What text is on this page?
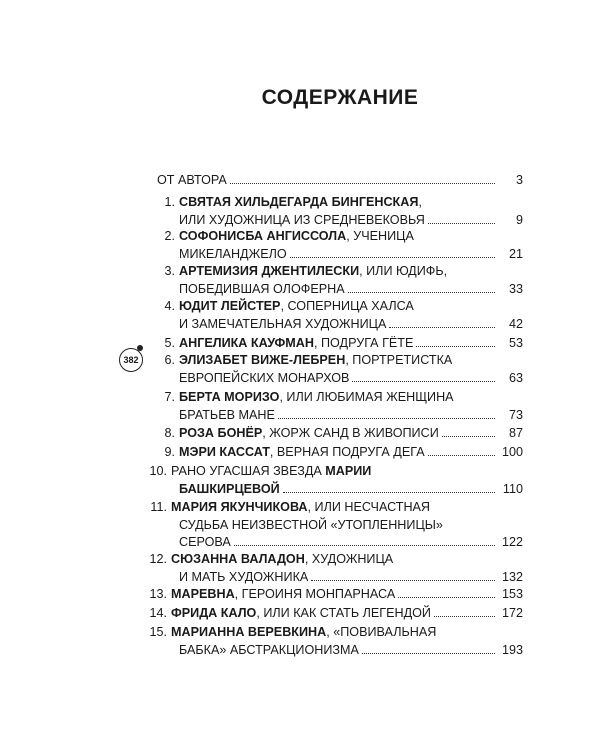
СОДЕРЖАНИЕ
382
ОТ АВТОРА	3
1. СВЯТАЯ ХИЛЬДЕГАРДА БИНГЕНСКАЯ,
ИЛИ ХУДОЖНИЦА ИЗ СРЕДНЕВЕКОВЬЯ	9
2. СОФОНИСБА АНГИССОЛА, УЧЕНИЦА
МИКЕЛАНДЖЕЛО	21
3. АРТЕМИЗИЯ ДЖЕНТИЛЕСКИ, ИЛИ ЮДИФЬ,
ПОБЕДИВШАЯ ОЛОФЕРНА	33
4. ЮДИТ ЛЕЙСТЕР, СОПЕРНИЦА ХАЛСА
И ЗАМЕЧАТЕЛЬНАЯ ХУДОЖНИЦА	42
5. АНГЕЛИКА КАУФМАН, ПОДРУГА ГЁТЕ	53
6. ЭЛИЗАБЕТ ВИЖЕ-ЛЕБРЕН, ПОРТРЕТИСТКА
ЕВРОПЕЙСКИХ МОНАРХОВ	63
7. БЕРТА МОРИЗО, ИЛИ ЛЮБИМАЯ ЖЕНЩИНА
БРАТЬЕВ МАНЕ	73
8. РОЗА БОНЁР, ЖОРЖ САНД В ЖИВОПИСИ	87
9. МЭРИ КАССАТ, ВЕРНАЯ ПОДРУГА ДЕГА	100
10. РАНО УГАСШАЯ ЗВЕЗДА МАРИИ
БАШКИРЦЕВОЙ	110
11. МАРИЯ ЯКУНЧИКОВА, ИЛИ НЕСЧАСТНАЯ
СУДЬБА НЕИЗВЕСТНОЙ «УТОПЛЕННИЦЫ»
СЕРОВА	122
12. СЮЗАННА ВАЛАДОН, ХУДОЖНИЦА
И МАТЬ ХУДОЖНИКА	132
13. МАРЕВНА, ГЕРОИНЯ МОНПАРНАСА	153
14. ФРИДА КАЛО, ИЛИ КАК СТАТЬ ЛЕГЕНДОЙ	172
15. МАРИАННА ВЕРЕВКИНА, «ПОВИВАЛЬНАЯ
БАБКА» АБСТРАКЦИОНИЗМА	193
